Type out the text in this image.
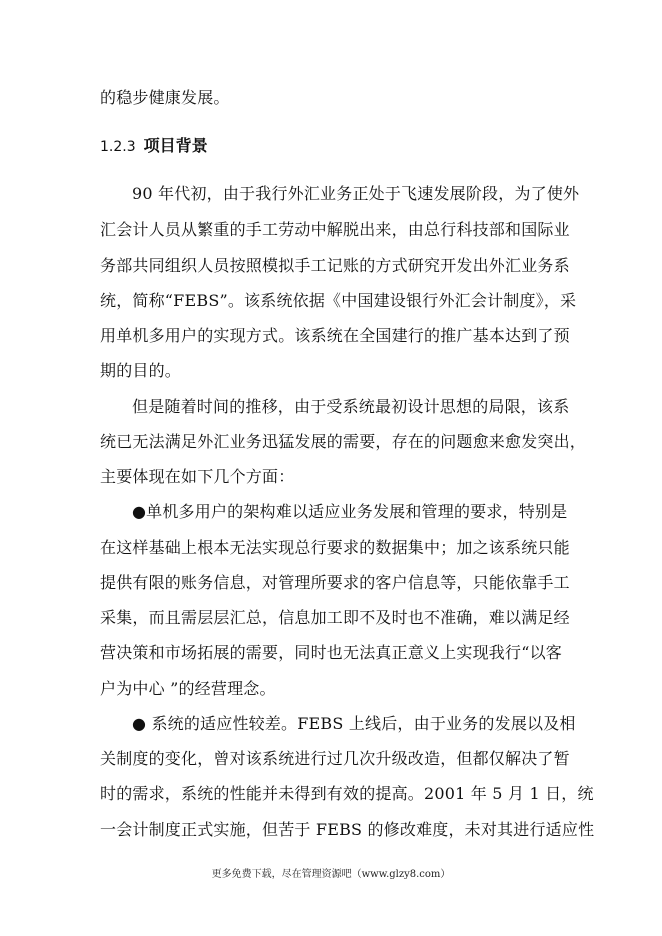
的稳步健康发展。
1.2.3 项目背景
90 年代初，由于我行外汇业务正处于飞速发展阶段，为了使外
汇会计人员从繁重的手工劳动中解脱出来，由总行科技部和国际业
务部共同组织人员按照模拟手工记账的方式研究开发出外汇业务系
统，简称“FEBS”。该系统依据《中国建设银行外汇会计制度》，采
用单机多用户的实现方式。该系统在全国建行的推广基本达到了预
期的目的。
但是随着时间的推移，由于受系统最初设计思想的局限，该系
统已无法满足外汇业务迅猛发展的需要，存在的问题愈来愈发突出，
主要体现在如下几个方面：
●单机多用户的架构难以适应业务发展和管理的要求，特别是
在这样基础上根本无法实现总行要求的数据集中；加之该系统只能
提供有限的账务信息，对管理所要求的客户信息等，只能依靠手工
采集，而且需层层汇总，信息加工即不及时也不准确，难以满足经
营决策和市场拓展的需要，同时也无法真正意义上实现我行“以客
户为中心 ”的经营理念。
● 系统的适应性较差。FEBS 上线后，由于业务的发展以及相
关制度的变化，曾对该系统进行过几次升级改造，但都仅解决了暂
时的需求，系统的性能并未得到有效的提高。2001 年 5 月 1 日，统
一会计制度正式实施，但苦于 FEBS 的修改难度，未对其进行适应性
更多免费下载，尽在管理资源吧（www.glzy8.com）
